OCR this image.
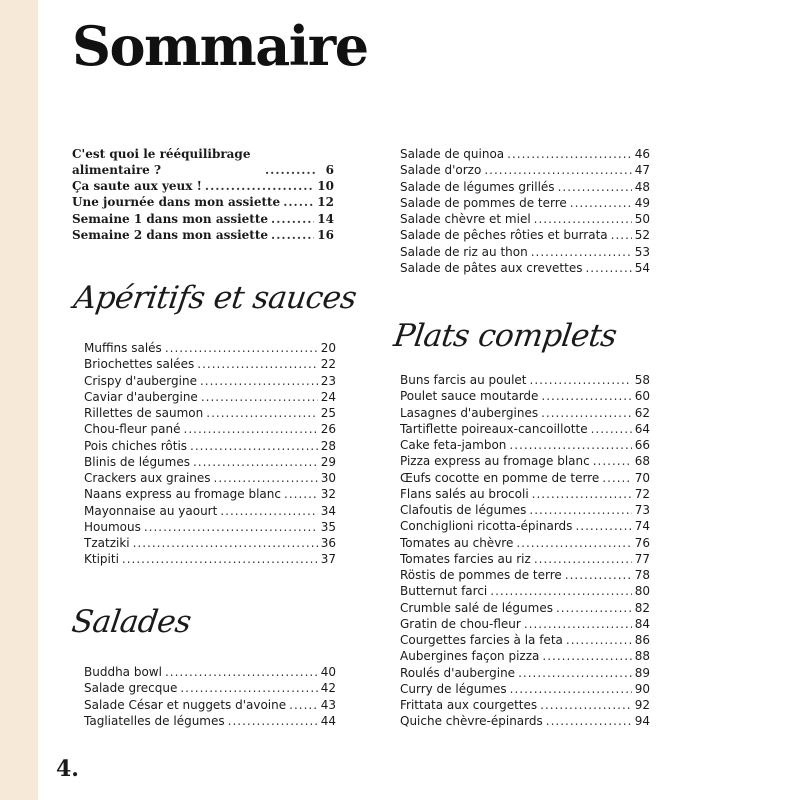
Sommaire
C'est quoi le rééquilibrage alimentaire ? .....	6
Ça saute aux yeux ! .....	10
Une journée dans mon assiette .....	12
Semaine 1 dans mon assiette .....	14
Semaine 2 dans mon assiette .....	16
Apéritifs et sauces
Salades
Plats complets
Muffins salés .....	20
Briochettes salées .....	22
Crispy d'aubergine .....	23
Caviar d'aubergine .....	24
Rillettes de saumon .....	25
Chou-fleur pané .....	26
Pois chiches rôtis .....	28
Blinis de légumes .....	29
Crackers aux graines .....	30
Naans express au fromage blanc .....	32
Mayonnaise au yaourt .....	34
Houmous .....	35
Tzatziki .....	36
Ktipiti .....	37
Buddha bowl .....	40
Salade grecque .....	42
Salade César et nuggets d'avoine .....	43
Tagliatelles de légumes .....	44
Salade de quinoa .....	46
Salade d'orzo .....	47
Salade de légumes grillés .....	48
Salade de pommes de terre .....	49
Salade chèvre et miel .....	50
Salade de pêches rôties et burrata ..... 52
Salade de riz au thon .....	53
Salade de pâtes aux crevettes .....	54
Buns farcis au poulet .....	58
Poulet sauce moutarde .....	60
Lasagnes d'aubergines .....	62
Tartiflette poireaux-cancoillotte .....	64
Cake feta-jambon .....	66
Pizza express au fromage blanc .....	68
Œufs cocotte en pomme de terre .....	70
Flans salés au brocoli .....	72
Clafoutis de légumes .....	73
Conchiglioni ricotta-épinards .....	74
Tomates au chèvre .....	76
Tomates farcies au riz .....	77
Röstis de pommes de terre .....	78
Butternut farci .....	80
Crumble salé de légumes .....	82
Gratin de chou-fleur .....	84
Courgettes farcies à la feta .....	86
Aubergines façon pizza .....	88
Roulés d'aubergine .....	89
Curry de légumes .....	90
Frittata aux courgettes .....	92
Quiche chèvre-épinards .....	94
4.
